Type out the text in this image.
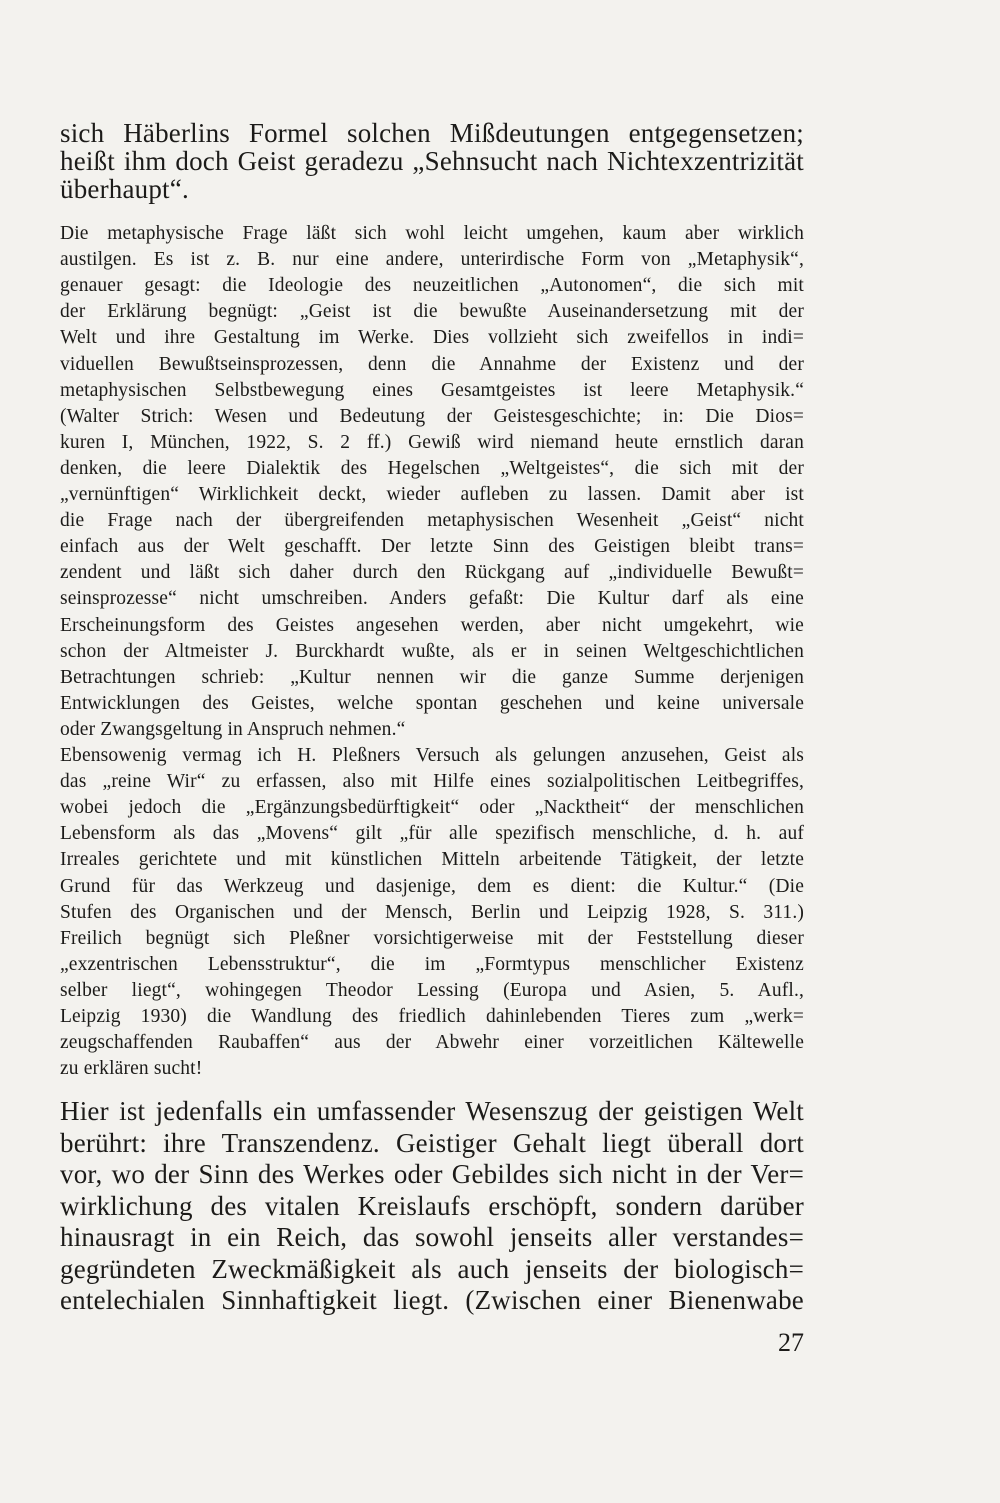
sich Häberlins Formel solchen Mißdeutungen entgegensetzen;
heißt ihm doch Geist geradezu „Sehnsucht nach Nichtexzentrizität
überhaupt“.
Die metaphysische Frage läßt sich wohl leicht umgehen, kaum aber wirklich
austilgen. Es ist z. B. nur eine andere, unterirdische Form von „Metaphysik“,
genauer gesagt: die Ideologie des neuzeitlichen „Autonomen“, die sich mit
der Erklärung begnügt: „Geist ist die bewußte Auseinandersetzung mit der
Welt und ihre Gestaltung im Werke. Dies vollzieht sich zweifellos in indi=
viduellen Bewußtseinsprozessen, denn die Annahme der Existenz und der
metaphysischen Selbstbewegung eines Gesamtgeistes ist leere Metaphysik.“
(Walter Strich: Wesen und Bedeutung der Geistesgeschichte; in: Die Dios=
kuren I, München, 1922, S. 2 ff.) Gewiß wird niemand heute ernstlich daran
denken, die leere Dialektik des Hegelschen „Weltgeistes“, die sich mit der
„vernünftigen“ Wirklichkeit deckt, wieder aufleben zu lassen. Damit aber ist
die Frage nach der übergreifenden metaphysischen Wesenheit „Geist“ nicht
einfach aus der Welt geschafft. Der letzte Sinn des Geistigen bleibt trans=
zendent und läßt sich daher durch den Rückgang auf „individuelle Bewußt=
seinsprozesse“ nicht umschreiben. Anders gefaßt: Die Kultur darf als eine
Erscheinungsform des Geistes angesehen werden, aber nicht umgekehrt, wie
schon der Altmeister J. Burckhardt wußte, als er in seinen Weltgeschichtlichen
Betrachtungen schrieb: „Kultur nennen wir die ganze Summe derjenigen
Entwicklungen des Geistes, welche spontan geschehen und keine universale
oder Zwangsgeltung in Anspruch nehmen.“
Ebensowenig vermag ich H. Pleßners Versuch als gelungen anzusehen, Geist als
das „reine Wir“ zu erfassen, also mit Hilfe eines sozialpolitischen Leitbegriffes,
wobei jedoch die „Ergänzungsbedürftigkeit“ oder „Nacktheit“ der menschlichen
Lebensform als das „Movens“ gilt „für alle spezifisch menschliche, d. h. auf
Irreales gerichtete und mit künstlichen Mitteln arbeitende Tätigkeit, der letzte
Grund für das Werkzeug und dasjenige, dem es dient: die Kultur.“ (Die
Stufen des Organischen und der Mensch, Berlin und Leipzig 1928, S. 311.)
Freilich begnügt sich Pleßner vorsichtigerweise mit der Feststellung dieser
„exzentrischen Lebensstruktur“, die im „Formtypus menschlicher Existenz
selber liegt“, wohingegen Theodor Lessing (Europa und Asien, 5. Aufl.,
Leipzig 1930) die Wandlung des friedlich dahinlebenden Tieres zum „werk=
zeugschaffenden Raubaffen“ aus der Abwehr einer vorzeitlichen Kältewelle
zu erklären sucht!
Hier ist jedenfalls ein umfassender Wesenszug der geistigen Welt
berührt: ihre Transzendenz. Geistiger Gehalt liegt überall dort
vor, wo der Sinn des Werkes oder Gebildes sich nicht in der Ver=
wirklichung des vitalen Kreislaufs erschöpft, sondern darüber
hinausragt in ein Reich, das sowohl jenseits aller verstandes=
gegründeten Zweckmäßigkeit als auch jenseits der biologisch=
entelechialen Sinnhaftigkeit liegt. (Zwischen einer Bienenwabe
27
